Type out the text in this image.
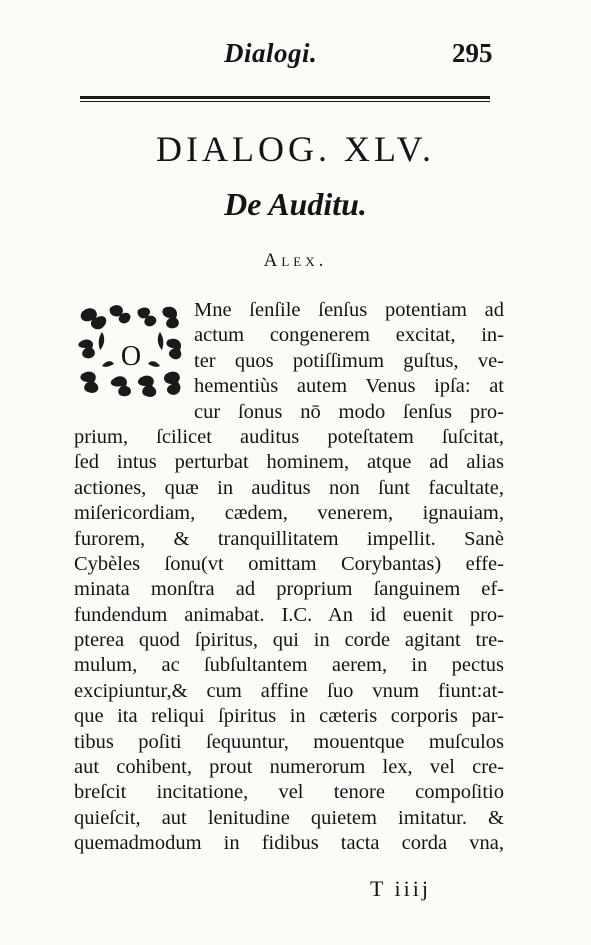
Dialogi.	295
DIALOG. XLV.
De Auditu.
Alex.
O
Mne ſenſile ſenſus potentiam ad
actum congenerem excitat, in-
ter quos potiſſimum guſtus, ve-
hementiùs autem Venus ipſa: at
cur ſonus nō modo ſenſus pro-
prium, ſcilicet auditus poteſtatem ſuſcitat,
ſed intus perturbat hominem, atque ad alias
actiones, quæ in auditus non ſunt facultate,
miſericordiam, cædem, venerem, ignauiam,
furorem, & tranquillitatem impellit. Sanè
Cybèles ſonu(vt omittam Corybantas) effe-
minata monſtra ad proprium ſanguinem ef-
fundendum animabat. I.C. An id euenit pro-
pterea quod ſpiritus, qui in corde agitant tre-
mulum, ac ſubſultantem aerem, in pectus
excipiuntur,& cum affine ſuo vnum fiunt:at-
que ita reliqui ſpiritus in cæteris corporis par-
tibus poſiti ſequuntur, mouentque muſculos
aut cohibent, prout numerorum lex, vel cre-
breſcit incitatione, vel tenore compoſitio
quieſcit, aut lenitudine quietem imitatur. &
quemadmodum in fidibus tacta corda vna,
T iiij
